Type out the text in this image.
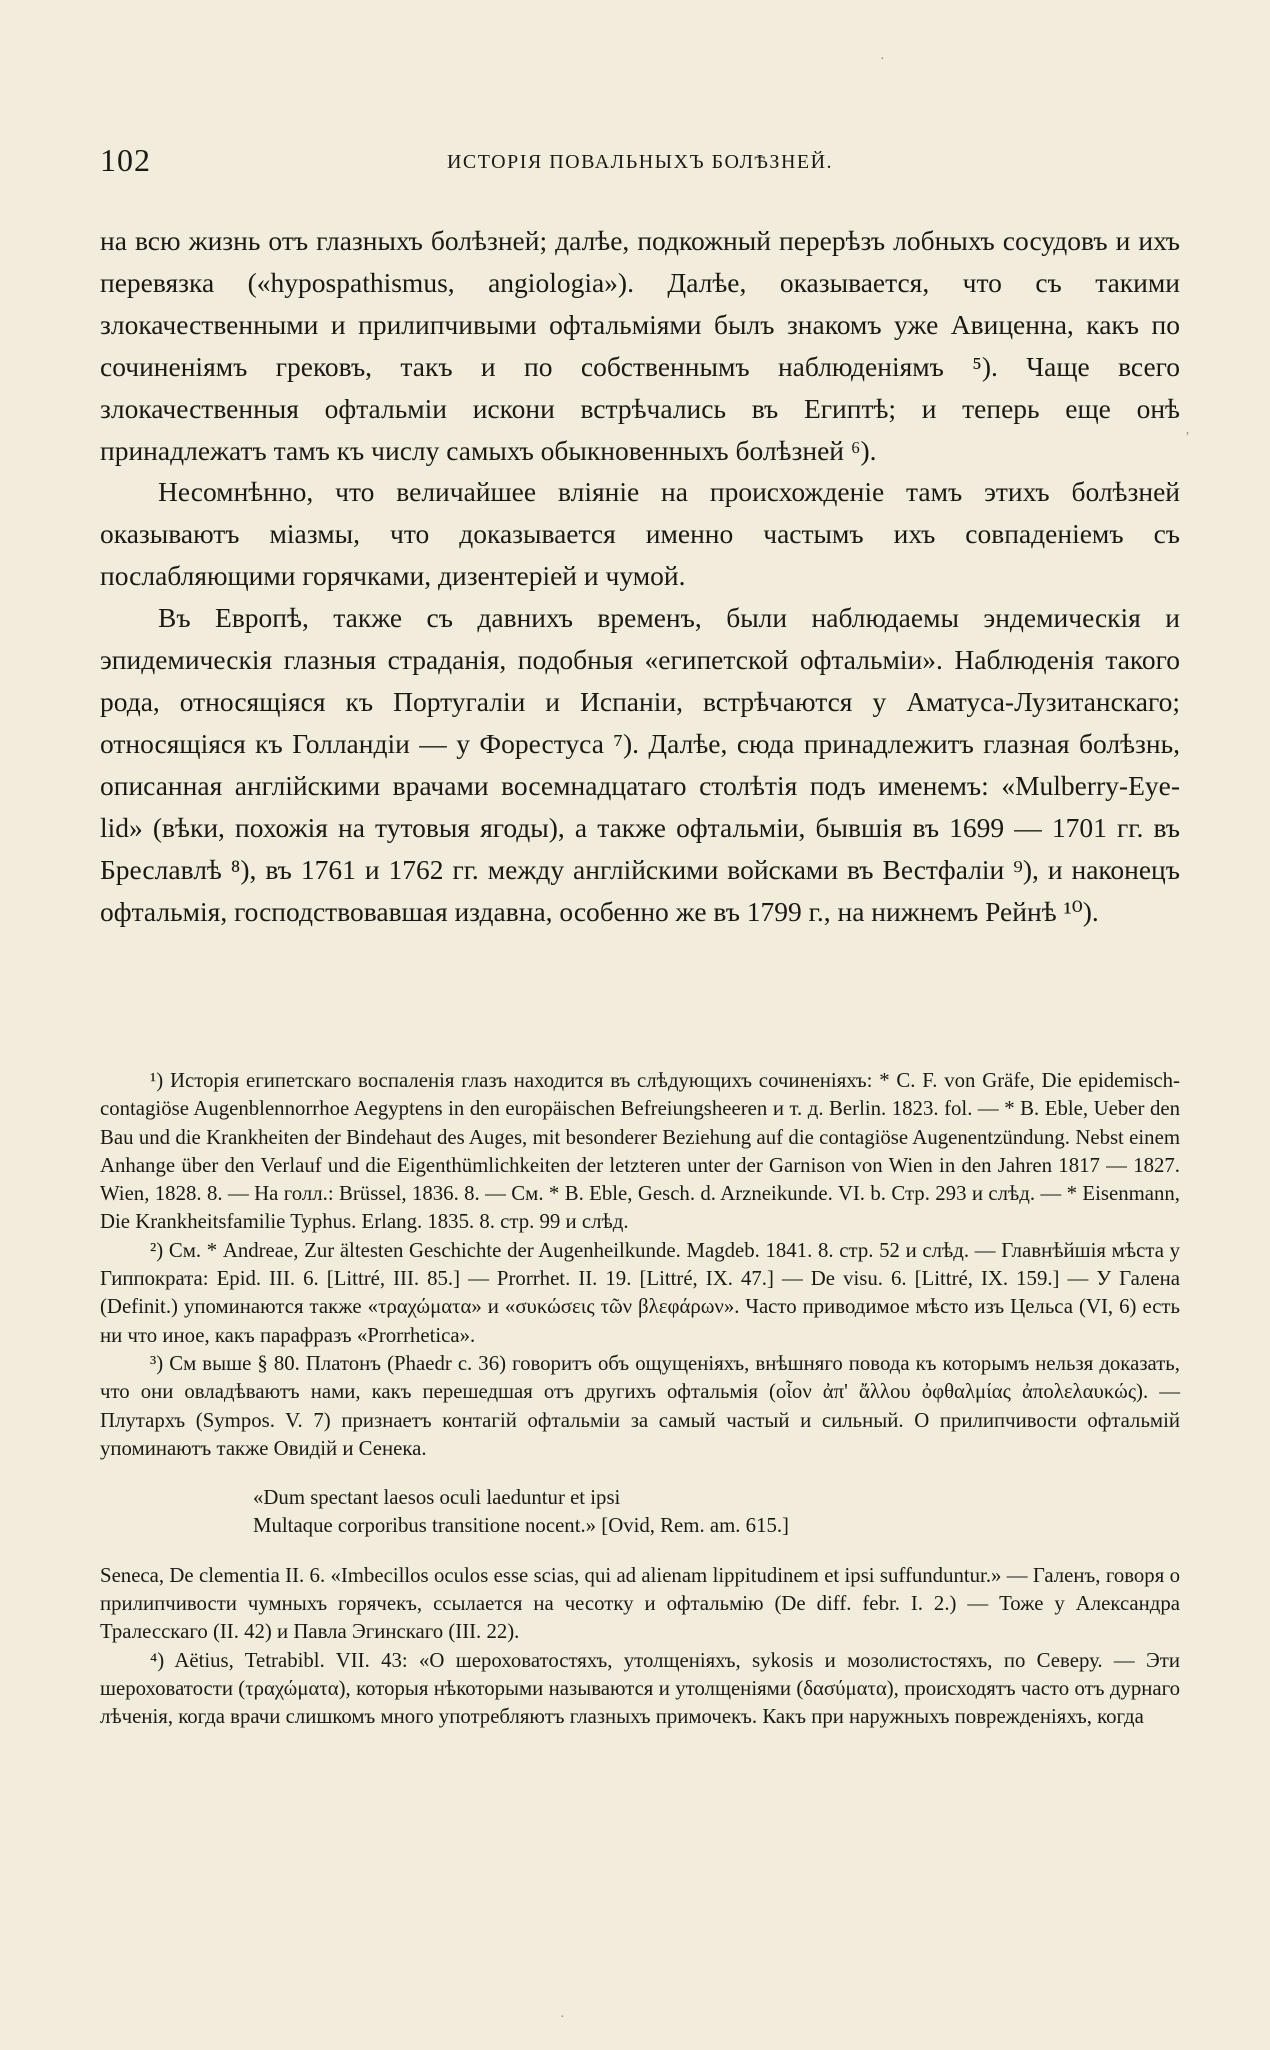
102	ИСТОРІЯ ПОВАЛЬНЫХЪ БОЛѢЗНЕЙ.

на всю жизнь отъ глазныхъ болѣзней; далѣе, подкожный перерѣзъ лобныхъ сосудовъ и ихъ перевязка («hyposрathismus, angiologia»). Далѣе, оказывается, что съ такими злокачественными и прилипчивыми офтальміями былъ знакомъ уже Авиценна, какъ по сочиненіямъ грековъ, такъ и по собственнымъ наблюденіямъ ⁵). Чаще всего злокачественныя офтальміи искони встрѣчались въ Египтѣ; и теперь еще онѣ принадлежатъ тамъ къ числу самыхъ обыкновенныхъ болѣзней ⁶).

Несомнѣнно, что величайшее вліяніе на происхожденіе тамъ этихъ болѣзней оказываютъ міазмы, что доказывается именно частымъ ихъ совпаденіемъ съ послабляющими горячками, дизентеріей и чумой.

Въ Европѣ, также съ давнихъ временъ, были наблюдаемы эндемическія и эпидемическія глазныя страданія, подобныя «египетской офтальміи». Наблюденія такого рода, относящіяся къ Португаліи и Испаніи, встрѣчаются у Аматуса-Лузитанскаго; относящіяся къ Голландіи — у Форестуса ⁷). Далѣе, сюда принадлежитъ глазная болѣзнь, описанная англійскими врачами восемнадцатаго столѣтія подъ именемъ: «Mulberry-Eye-lid» (вѣки, похожія на тутовыя ягоды), а также офтальміи, бывшія въ 1699 — 1701 гг. въ Бреславлѣ ⁸), въ 1761 и 1762 гг. между англійскими войсками въ Вестфаліи ⁹), и наконецъ офтальмія, господствовавшая издавна, особенно же въ 1799 г., на нижнемъ Рейнѣ ¹⁰).

¹) Исторія египетскаго воспаленія глазъ находится въ слѣдующихъ сочиненіяхъ: * C. F. von Gräfe, Die epidemisch-contagiöse Augenblennorrhoe Aegyptens in den europäischen Befreiungsheeren и т. д. Berlin. 1823. fol. — * B. Eble, Ueber den Bau und die Krankheiten der Bindehaut des Auges, mit besonderer Beziehung auf die contagiöse Augenentzündung. Nebst einem Anhange über den Verlauf und die Eigenthümlichkeiten der letzteren unter der Garnison von Wien in den Jahren 1817 — 1827. Wien, 1828. 8. — На голл.: Brüssel, 1836. 8. — См. * B. Eble, Gesch. d. Arzneikunde. VI. b. Стр. 293 и слѣд. — * Eisenmann, Die Krankheitsfamilie Typhus. Erlang. 1835. 8. стр. 99 и слѣд.

²) См. * Andreae, Zur ältesten Geschichte der Augenheilkunde. Magdeb. 1841. 8. стр. 52 и слѣд. — Главнѣйшія мѣста у Гиппократа: Epid. III. 6. [Littré, III. 85.] — Prorrhet. II. 19. [Littré, IX. 47.] — De visu. 6. [Littré, IX. 159.] — У Галена (Definit.) упоминаются также «τραχώματα» и «συκώσεις τῶν βλεφάρων». Часто приводимое мѣсто изъ Цельса (VI, 6) есть ни что иное, какъ парафразъ «Prorrhetica».

³) См выше § 80. Платонъ (Phaedr c. 36) говоритъ объ ощущеніяхъ, внѣшняго повода къ которымъ нельзя доказать, что они овладѣваютъ нами, какъ перешедшая отъ другихъ офтальмія (οἷον ἀπ' ἄλλου ὀφθαλμίας ἀπολελαυκώς). — Плутархъ (Sympos. V. 7) признаетъ контагій офтальміи за самый частый и сильный. О прилипчивости офтальмій упоминаютъ также Овидій и Сенека.

«Dum spectant laesos oculi laeduntur et ipsi

Multaque corporibus transitione nocent.» [Ovid, Rem. am. 615.]

Seneca, De clementia II. 6. «Imbecillos oculos esse scias, qui ad alienam lippitudinem et ipsi suffunduntur.» — Галенъ, говоря о прилипчивости чумныхъ горячекъ, ссылается на чесотку и офтальмію (De diff. febr. I. 2.) — Тоже у Александра Тралесскаго (II. 42) и Павла Эгинскаго (III. 22).

⁴) Aëtius, Tetrabibl. VII. 43: «О шероховатостяхъ, утолщеніяхъ, sykosis и мозолистостяхъ, по Северу. — Эти шероховатости (τραχώματα), которыя нѣкоторыми называются и утолщеніями (δασύματα), происходятъ часто отъ дурнаго лѣченія, когда врачи слишкомъ много употребляютъ глазныхъ примочекъ. Какъ при наружныхъ поврежденіяхъ, когда

·
′
·
